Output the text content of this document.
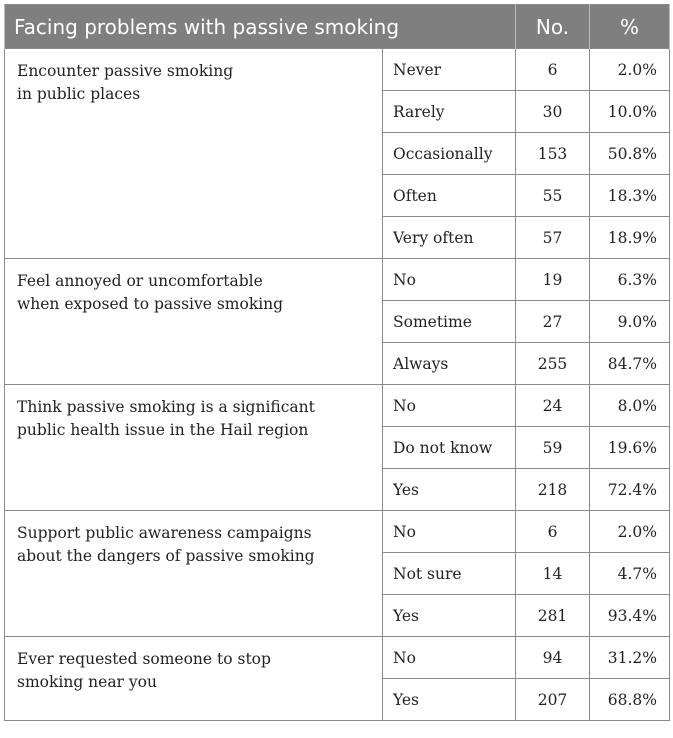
Facing problems with passive smoking		No.	%

Encounter passive smoking
in public places	Never	6	2.0%
	Rarely	30	10.0%
	Occasionally	153	50.8%
	Often	55	18.3%
	Very often	57	18.9%

Feel annoyed or uncomfortable
when exposed to passive smoking	No	19	6.3%
	Sometime	27	9.0%
	Always	255	84.7%

Think passive smoking is a significant
public health issue in the Hail region	No	24	8.0%
	Do not know	59	19.6%
	Yes	218	72.4%

Support public awareness campaigns
about the dangers of passive smoking	No	6	2.0%
	Not sure	14	4.7%
	Yes	281	93.4%

Ever requested someone to stop
smoking near you	No	94	31.2%
	Yes	207	68.8%
